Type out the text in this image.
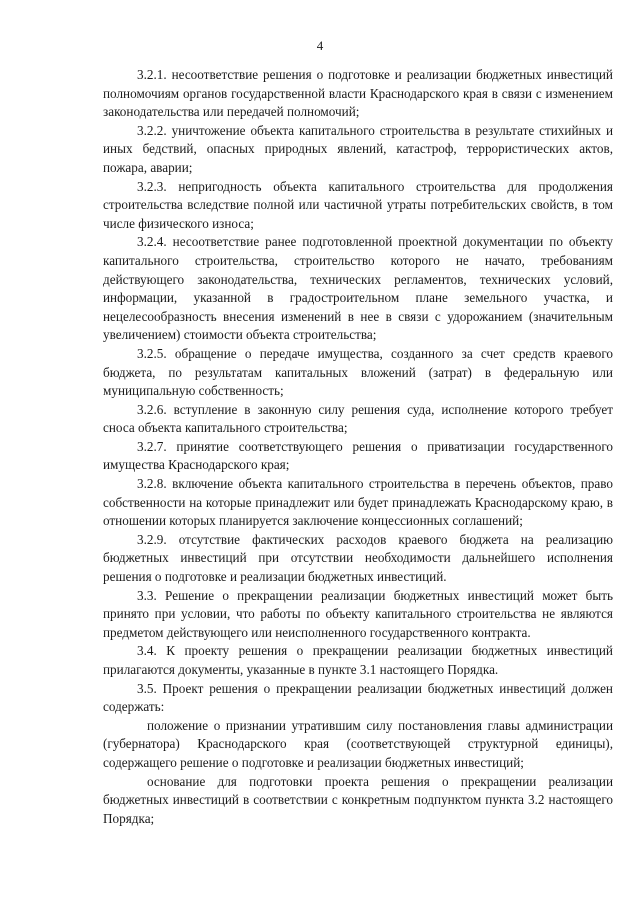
4

3.2.1. несоответствие решения о подготовке и реализации бюджетных инвестиций полномочиям органов государственной власти Краснодарского края в связи с изменением законодательства или передачей полномочий;

3.2.2. уничтожение объекта капитального строительства в результате стихийных и иных бедствий, опасных природных явлений, катастроф, террористических актов, пожара, аварии;

3.2.3. непригодность объекта капитального строительства для продолжения строительства вследствие полной или частичной утраты потребительских свойств, в том числе физического износа;

3.2.4. несоответствие ранее подготовленной проектной документации по объекту капитального строительства, строительство которого не начато, требованиям действующего законодательства, технических регламентов, технических условий, информации, указанной в градостроительном плане земельного участка, и нецелесообразность внесения изменений в нее в связи с удорожанием (значительным увеличением) стоимости объекта строительства;

3.2.5. обращение о передаче имущества, созданного за счет средств краевого бюджета, по результатам капитальных вложений (затрат) в федеральную или муниципальную собственность;

3.2.6. вступление в законную силу решения суда, исполнение которого требует сноса объекта капитального строительства;

3.2.7. принятие соответствующего решения о приватизации государственного имущества Краснодарского края;

3.2.8. включение объекта капитального строительства в перечень объектов, право собственности на которые принадлежит или будет принадлежать Краснодарскому краю, в отношении которых планируется заключение концессионных соглашений;

3.2.9. отсутствие фактических расходов краевого бюджета на реализацию бюджетных инвестиций при отсутствии необходимости дальнейшего исполнения решения о подготовке и реализации бюджетных инвестиций.

3.3. Решение о прекращении реализации бюджетных инвестиций может быть принято при условии, что работы по объекту капитального строительства не являются предметом действующего или неисполненного государственного контракта.

3.4. К проекту решения о прекращении реализации бюджетных инвестиций прилагаются документы, указанные в пункте 3.1 настоящего Порядка.

3.5. Проект решения о прекращении реализации бюджетных инвестиций должен содержать:

положение о признании утратившим силу постановления главы администрации (губернатора) Краснодарского края (соответствующей структурной единицы), содержащего решение о подготовке и реализации бюджетных инвестиций;

основание для подготовки проекта решения о прекращении реализации бюджетных инвестиций в соответствии с конкретным подпунктом пункта 3.2 настоящего Порядка;
